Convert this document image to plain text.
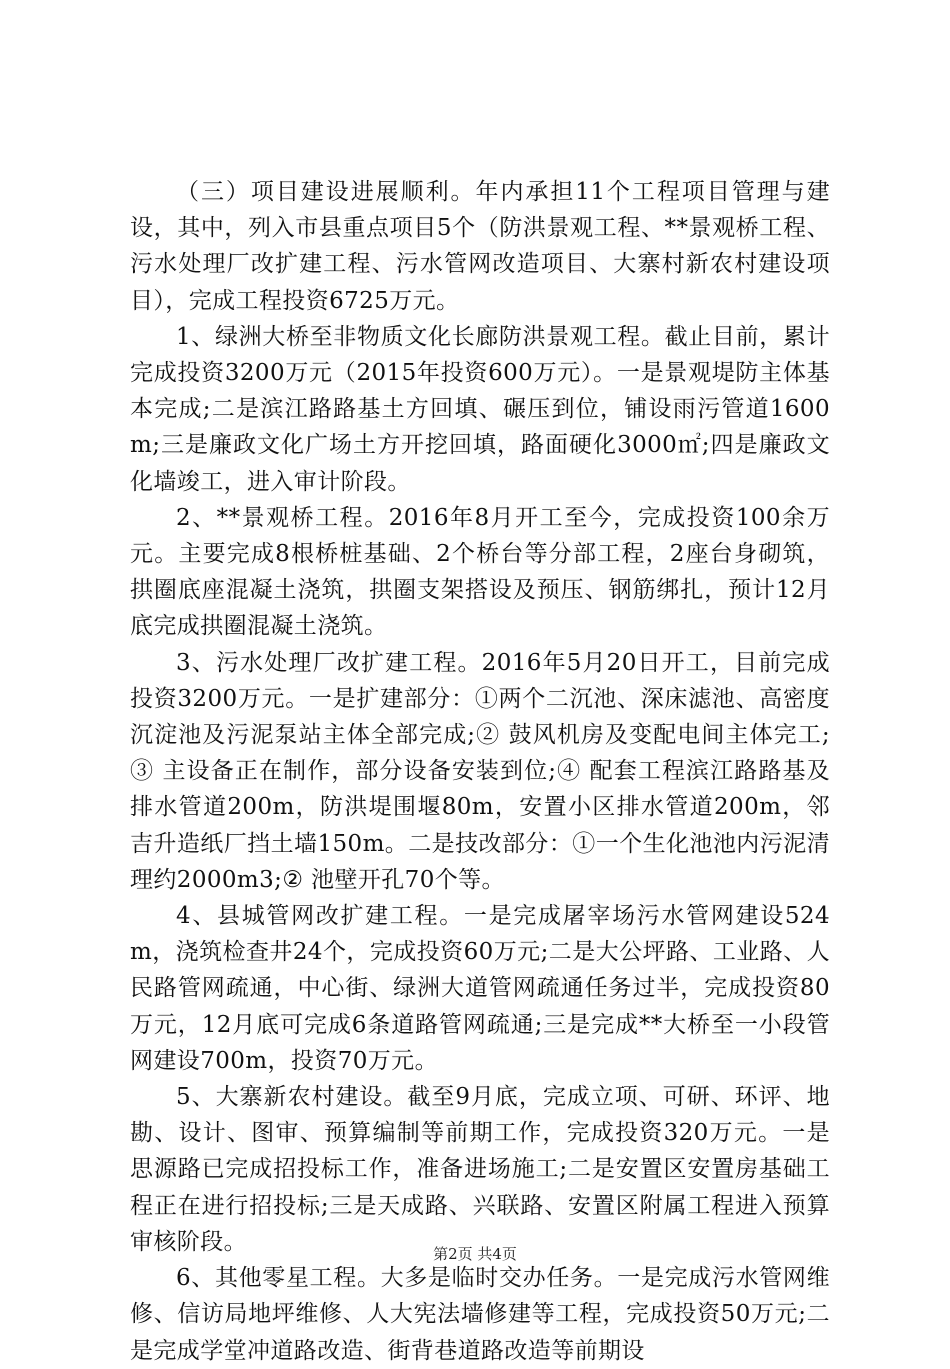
（三）项目建设进展顺利。年内承担11个工程项目管理与建设，其中，列入市县重点项目5个（防洪景观工程、**景观桥工程、污水处理厂改扩建工程、污水管网改造项目、大寨村新农村建设项目），完成工程投资6725万元。

1、绿洲大桥至非物质文化长廊防洪景观工程。截止目前，累计完成投资3200万元（2015年投资600万元）。一是景观堤防主体基本完成;二是滨江路路基土方回填、碾压到位，铺设雨污管道1600m;三是廉政文化广场土方开挖回填，路面硬化3000㎡;四是廉政文化墙竣工，进入审计阶段。

2、**景观桥工程。2016年8月开工至今，完成投资100余万元。主要完成8根桥桩基础、2个桥台等分部工程，2座台身砌筑，拱圈底座混凝土浇筑，拱圈支架搭设及预压、钢筋绑扎，预计12月底完成拱圈混凝土浇筑。

3、污水处理厂改扩建工程。2016年5月20日开工，目前完成投资3200万元。一是扩建部分：①两个二沉池、深床滤池、高密度沉淀池及污泥泵站主体全部完成;② 鼓风机房及变配电间主体完工;③ 主设备正在制作，部分设备安装到位;④ 配套工程滨江路路基及排水管道200m，防洪堤围堰80m，安置小区排水管道200m，邻吉升造纸厂挡土墙150m。二是技改部分：①一个生化池池内污泥清理约2000m3;② 池壁开孔70个等。

4、县城管网改扩建工程。一是完成屠宰场污水管网建设524m，浇筑检查井24个，完成投资60万元;二是大公坪路、工业路、人民路管网疏通，中心街、绿洲大道管网疏通任务过半，完成投资80万元，12月底可完成6条道路管网疏通;三是完成**大桥至一小段管网建设700m，投资70万元。

5、大寨新农村建设。截至9月底，完成立项、可研、环评、地勘、设计、图审、预算编制等前期工作，完成投资320万元。一是思源路已完成招投标工作，准备进场施工;二是安置区安置房基础工程正在进行招投标;三是天成路、兴联路、安置区附属工程进入预算审核阶段。

6、其他零星工程。大多是临时交办任务。一是完成污水管网维修、信访局地坪维修、人大宪法墙修建等工程，完成投资50万元;二是完成学堂冲道路改造、街背巷道路改造等前期设

第2页 共4页
